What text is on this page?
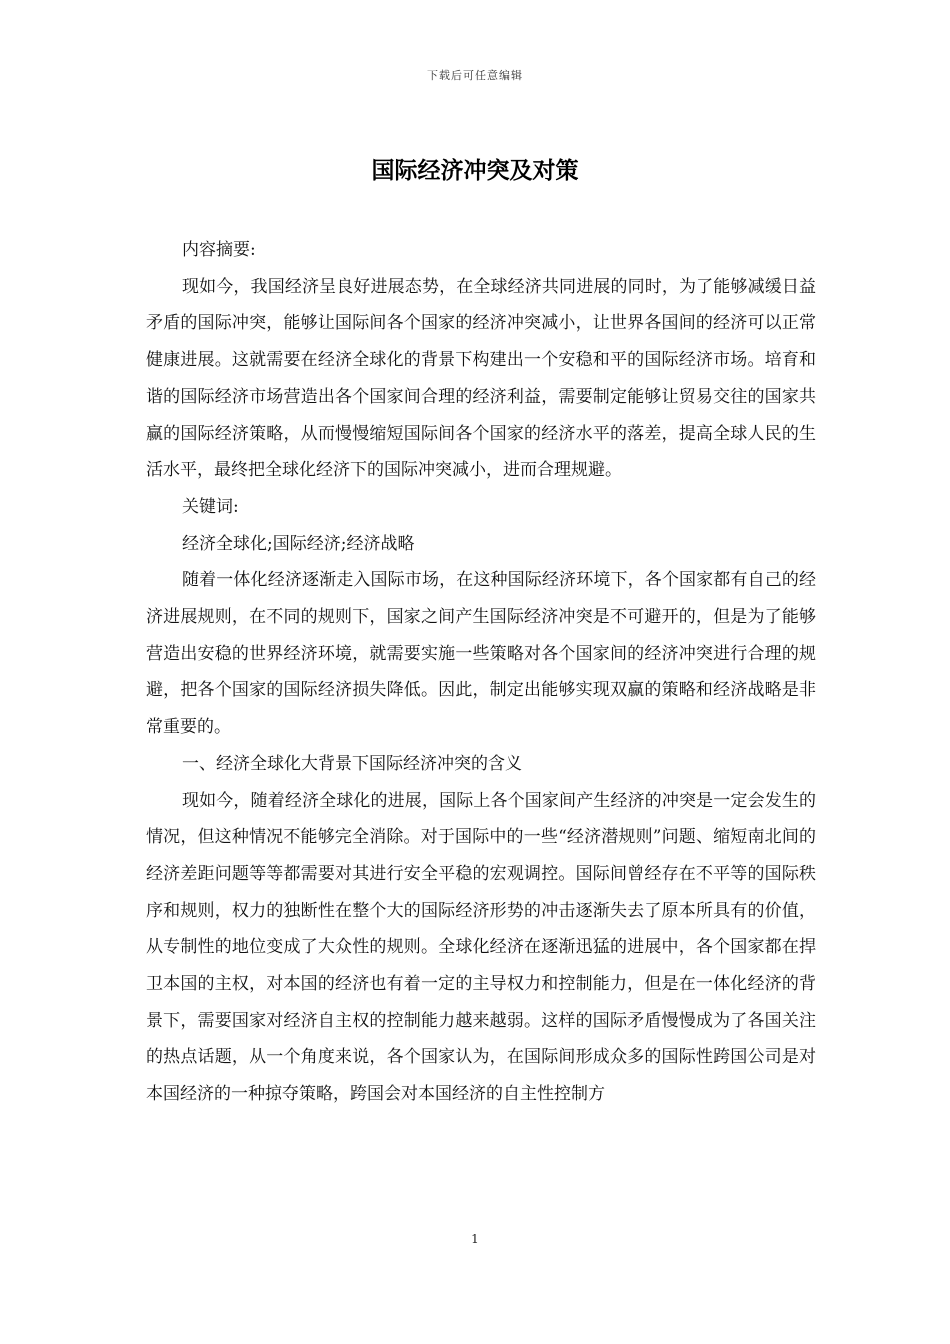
下载后可任意编辑
国际经济冲突及对策

内容摘要:

现如今，我国经济呈良好进展态势，在全球经济共同进展的同时，为了能够减缓日益矛盾的国际冲突，能够让国际间各个国家的经济冲突减小，让世界各国间的经济可以正常健康进展。这就需要在经济全球化的背景下构建出一个安稳和平的国际经济市场。培育和谐的国际经济市场营造出各个国家间合理的经济利益，需要制定能够让贸易交往的国家共赢的国际经济策略，从而慢慢缩短国际间各个国家的经济水平的落差，提高全球人民的生活水平，最终把全球化经济下的国际冲突减小，进而合理规避。

关键词:

经济全球化;国际经济;经济战略

随着一体化经济逐渐走入国际市场，在这种国际经济环境下，各个国家都有自己的经济进展规则，在不同的规则下，国家之间产生国际经济冲突是不可避开的，但是为了能够营造出安稳的世界经济环境，就需要实施一些策略对各个国家间的经济冲突进行合理的规避，把各个国家的国际经济损失降低。因此，制定出能够实现双赢的策略和经济战略是非常重要的。

一、经济全球化大背景下国际经济冲突的含义

现如今，随着经济全球化的进展，国际上各个国家间产生经济的冲突是一定会发生的情况，但这种情况不能够完全消除。对于国际中的一些“经济潜规则”问题、缩短南北间的经济差距问题等等都需要对其进行安全平稳的宏观调控。国际间曾经存在不平等的国际秩序和规则，权力的独断性在整个大的国际经济形势的冲击逐渐失去了原本所具有的价值，从专制性的地位变成了大众性的规则。全球化经济在逐渐迅猛的进展中，各个国家都在捍卫本国的主权，对本国的经济也有着一定的主导权力和控制能力，但是在一体化经济的背景下，需要国家对经济自主权的控制能力越来越弱。这样的国际矛盾慢慢成为了各国关注的热点话题，从一个角度来说，各个国家认为，在国际间形成众多的国际性跨国公司是对本国经济的一种掠夺策略，跨国会对本国经济的自主性控制方

1
